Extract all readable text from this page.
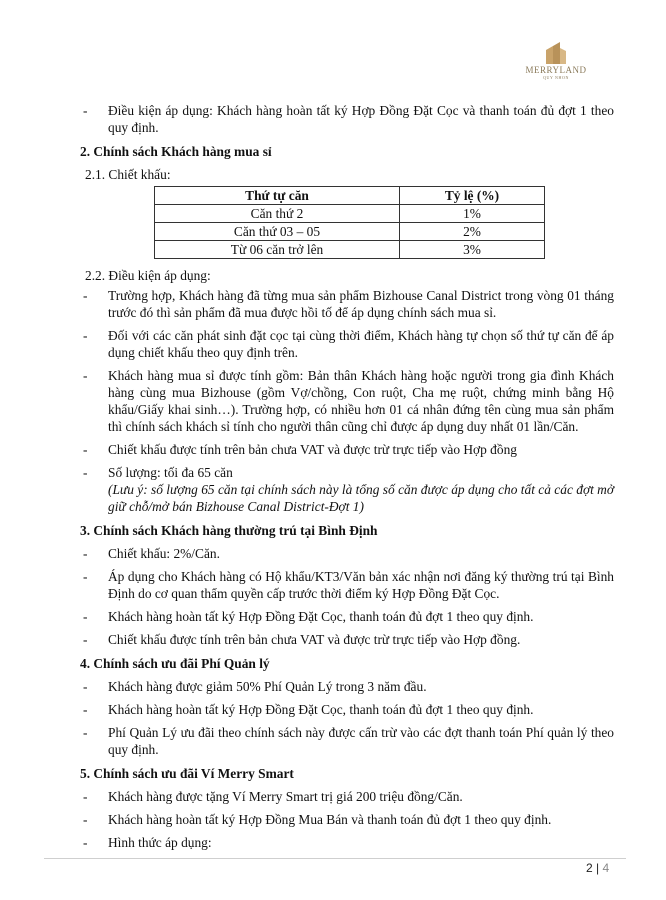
MERRYLAND
QUY NHON
- Điều kiện áp dụng: Khách hàng hoàn tất ký Hợp Đồng Đặt Cọc và thanh toán đủ đợt 1 theo quy định.
2. Chính sách Khách hàng mua sỉ
2.1. Chiết khấu:
Thứ tự căn	Tỷ lệ (%)
Căn thứ 2	1%
Căn thứ 03 – 05	2%
Từ 06 căn trở lên	3%
2.2. Điều kiện áp dụng:
- Trường hợp, Khách hàng đã từng mua sản phẩm Bizhouse Canal District trong vòng 01 tháng trước đó thì sản phẩm đã mua được hồi tố để áp dụng chính sách mua sỉ.
- Đối với các căn phát sinh đặt cọc tại cùng thời điểm, Khách hàng tự chọn số thứ tự căn để áp dụng chiết khấu theo quy định trên.
- Khách hàng mua sỉ được tính gồm: Bản thân Khách hàng hoặc người trong gia đình Khách hàng cùng mua Bizhouse (gồm Vợ/chồng, Con ruột, Cha mẹ ruột, chứng minh bằng Hộ khẩu/Giấy khai sinh…). Trường hợp, có nhiều hơn 01 cá nhân đứng tên cùng mua sản phẩm thì chính sách khách sỉ tính cho người thân cũng chỉ được áp dụng duy nhất 01 lần/Căn.
- Chiết khấu được tính trên bản chưa VAT và được trừ trực tiếp vào Hợp đồng
- Số lượng: tối đa 65 căn
(Lưu ý: số lượng 65 căn tại chính sách này là tổng số căn được áp dụng cho tất cả các đợt mở giữ chỗ/mở bán Bizhouse Canal District-Đợt 1)
3. Chính sách Khách hàng thường trú tại Bình Định
- Chiết khấu: 2%/Căn.
- Áp dụng cho Khách hàng có Hộ khẩu/KT3/Văn bản xác nhận nơi đăng ký thường trú tại Bình Định do cơ quan thẩm quyền cấp trước thời điểm ký Hợp Đồng Đặt Cọc.
- Khách hàng hoàn tất ký Hợp Đồng Đặt Cọc, thanh toán đủ đợt 1 theo quy định.
- Chiết khấu được tính trên bản chưa VAT và được trừ trực tiếp vào Hợp đồng.
4. Chính sách ưu đãi Phí Quản lý
- Khách hàng được giảm 50% Phí Quản Lý trong 3 năm đầu.
- Khách hàng hoàn tất ký Hợp Đồng Đặt Cọc, thanh toán đủ đợt 1 theo quy định.
- Phí Quản Lý ưu đãi theo chính sách này được cấn trừ vào các đợt thanh toán Phí quản lý theo quy định.
5. Chính sách ưu đãi Ví Merry Smart
- Khách hàng được tặng Ví Merry Smart trị giá 200 triệu đồng/Căn.
- Khách hàng hoàn tất ký Hợp Đồng Mua Bán và thanh toán đủ đợt 1 theo quy định.
- Hình thức áp dụng:
2 | 4
